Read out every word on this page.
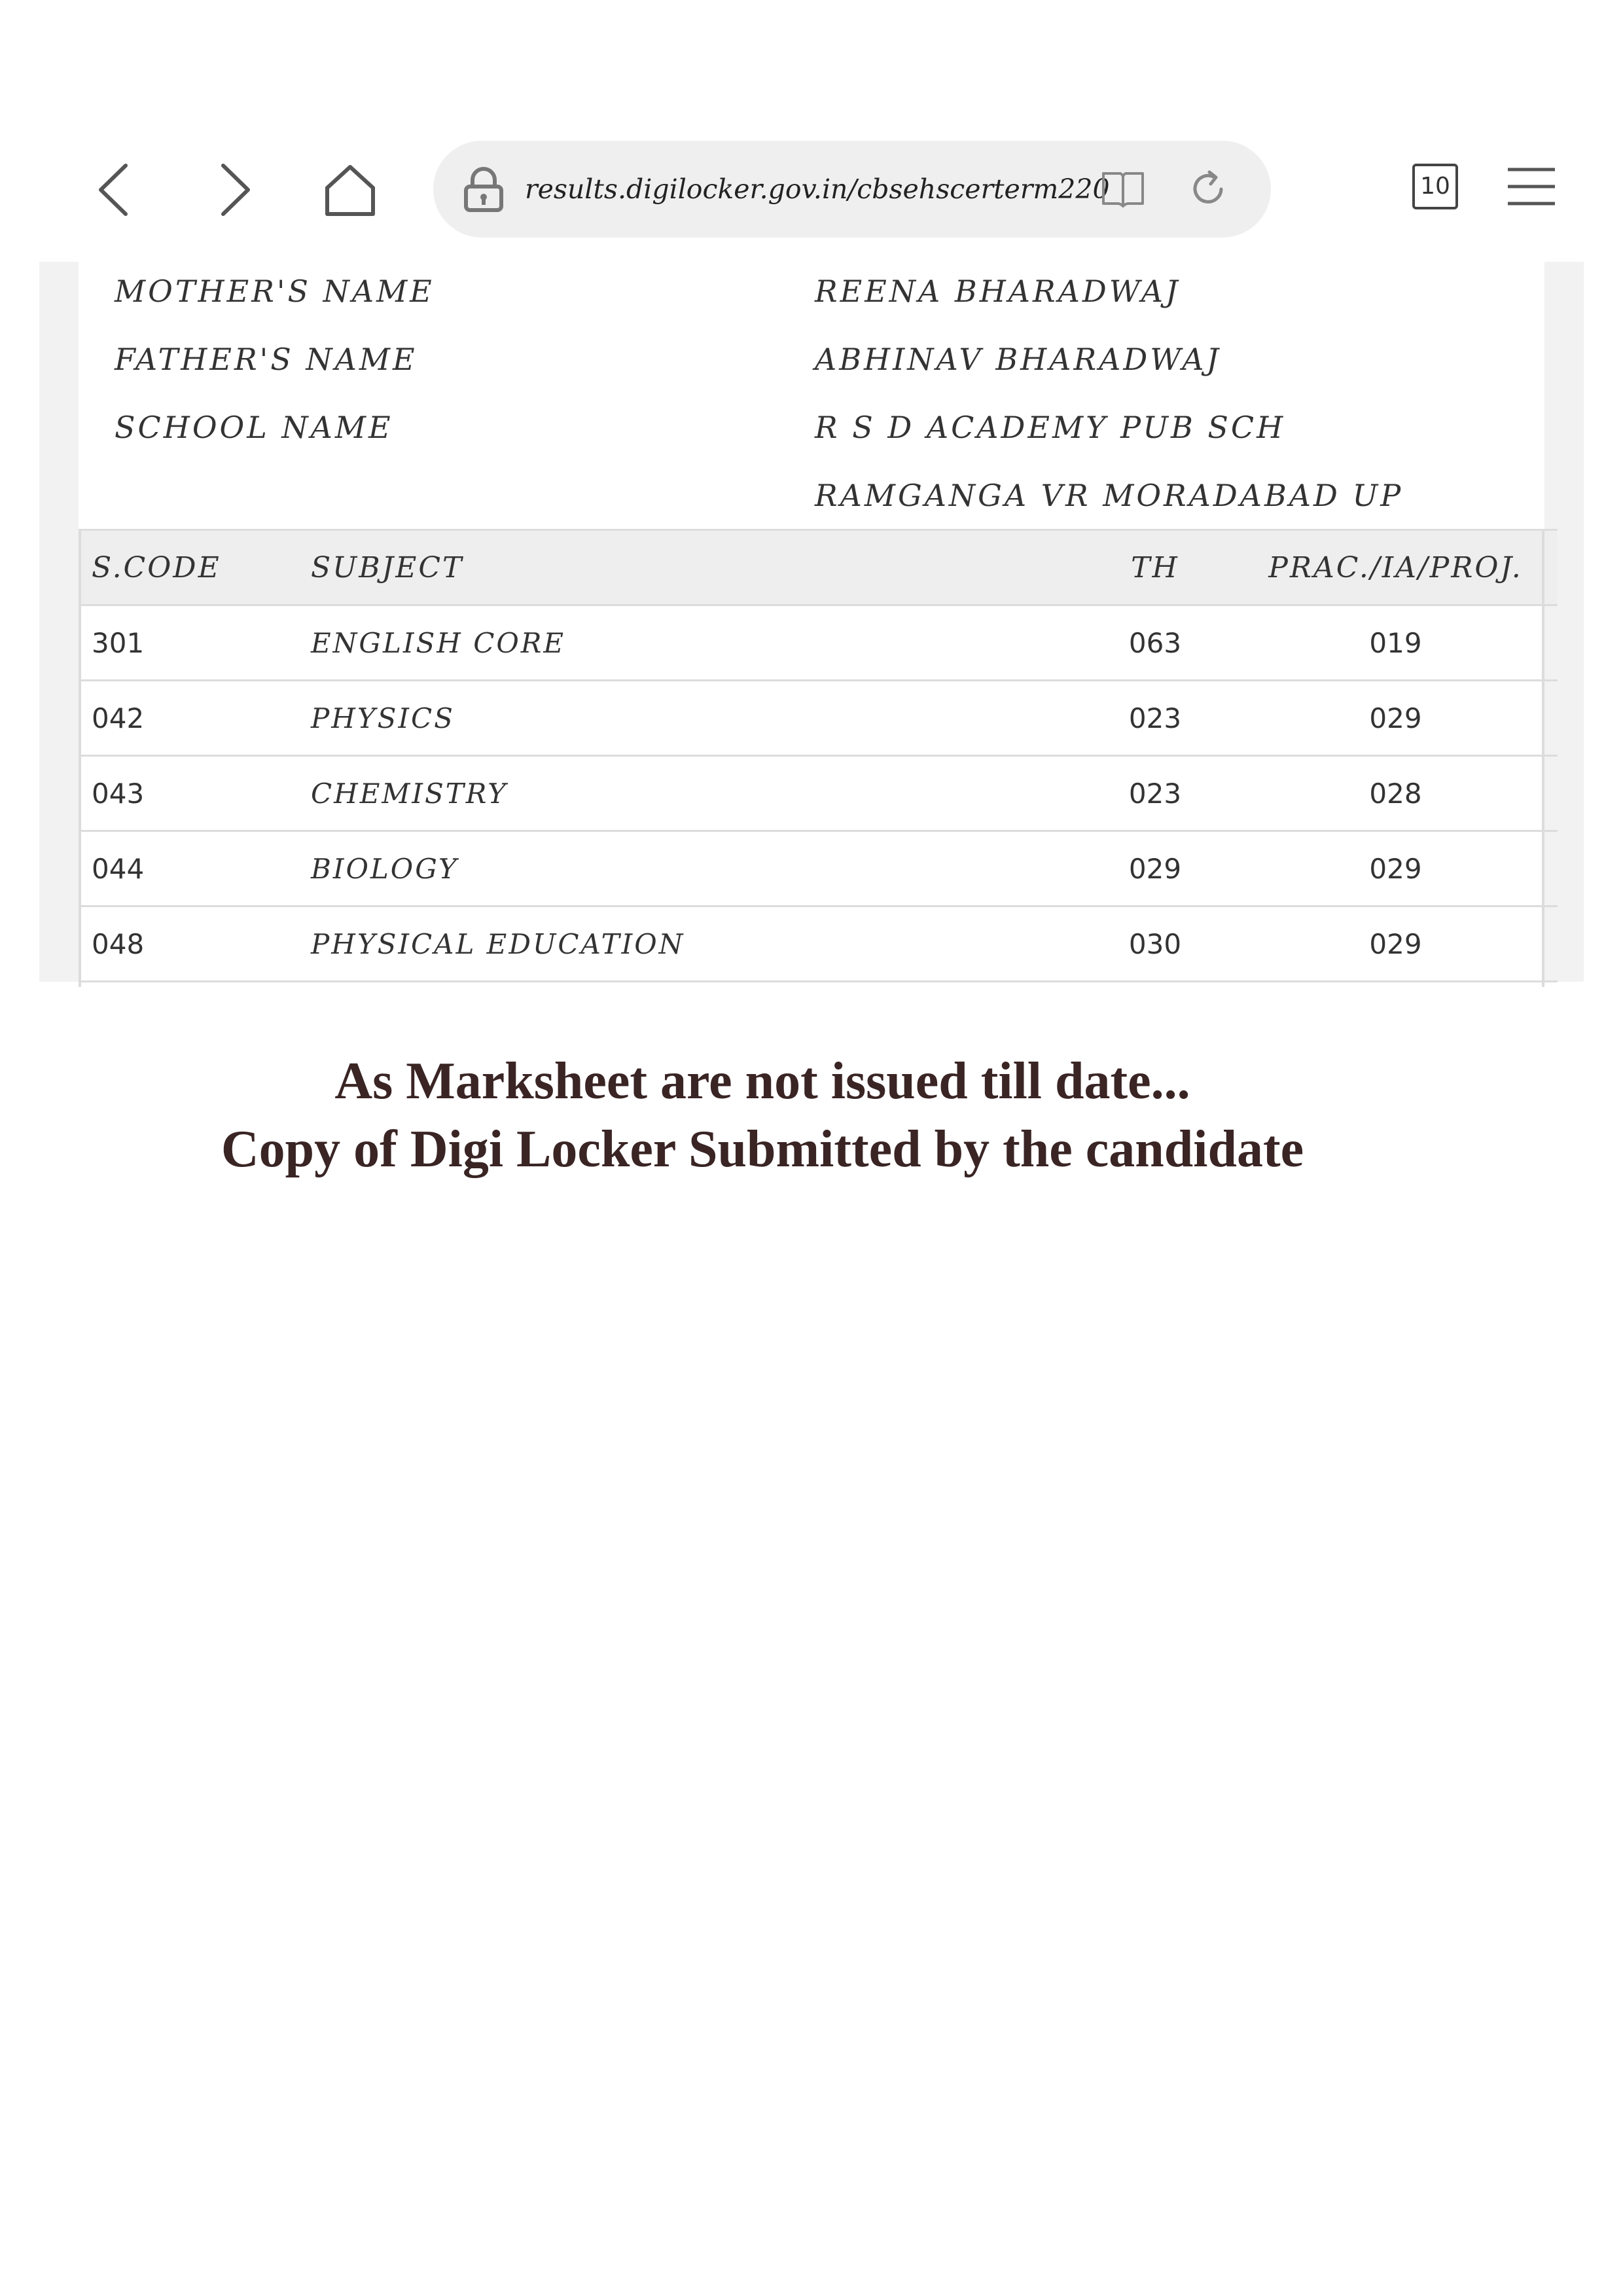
results.digilocker.gov.in/cbsehscerterm220	10
MOTHER'S NAME	REENA BHARADWAJ
FATHER'S NAME	ABHINAV BHARADWAJ
SCHOOL NAME	R S D ACADEMY PUB SCH
RAMGANGA VR MORADABAD UP
S.CODE	SUBJECT	TH	PRAC./IA/PROJ.
301	ENGLISH CORE	063	019
042	PHYSICS	023	029
043	CHEMISTRY	023	028
044	BIOLOGY	029	029
048	PHYSICAL EDUCATION	030	029
As Marksheet are not issued till date...
Copy of Digi Locker Submitted by the candidate
